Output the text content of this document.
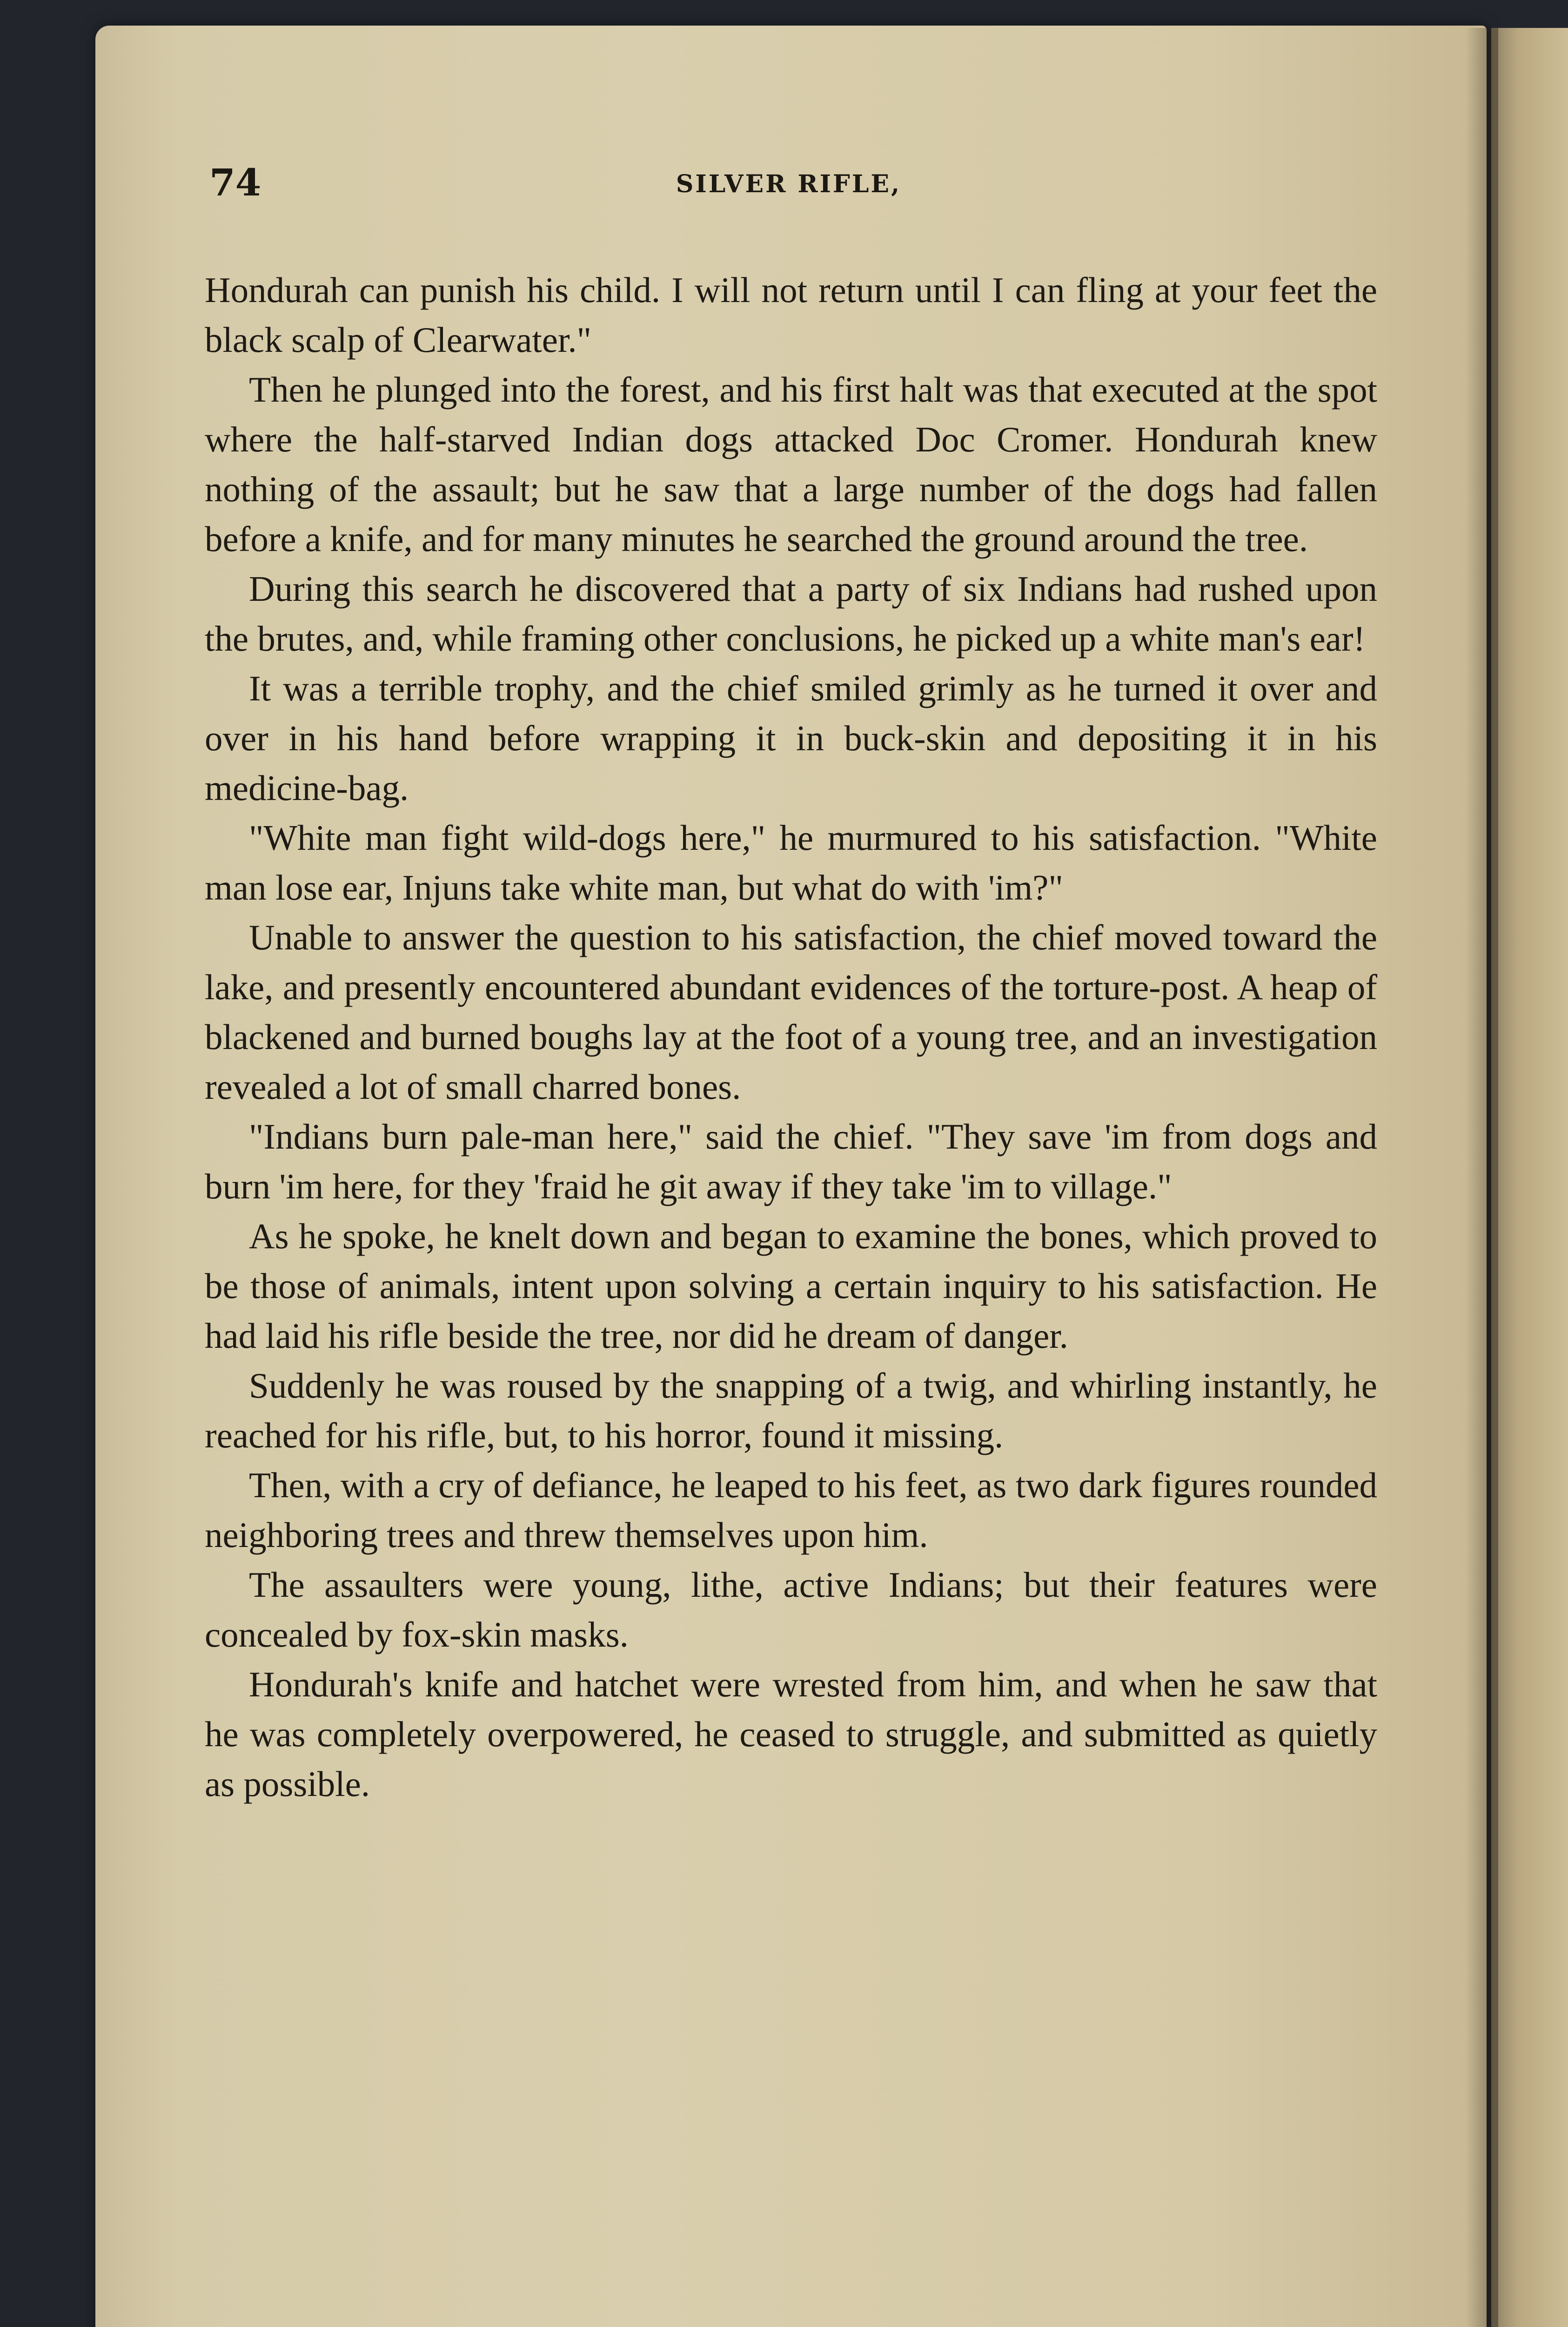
74	SILVER RIFLE,

Hondurah can punish his child. I will not return until I can fling at your feet the black scalp of Clearwater."

Then he plunged into the forest, and his first halt was that executed at the spot where the half-starved Indian dogs attacked Doc Cromer. Hondurah knew nothing of the assault; but he saw that a large number of the dogs had fallen before a knife, and for many minutes he searched the ground around the tree.

During this search he discovered that a party of six Indians had rushed upon the brutes, and, while framing other conclusions, he picked up a white man's ear!

It was a terrible trophy, and the chief smiled grimly as he turned it over and over in his hand before wrapping it in buck-skin and depositing it in his medicine-bag.

"White man fight wild-dogs here," he murmured to his satisfaction. "White man lose ear, Injuns take white man, but what do with 'im?"

Unable to answer the question to his satisfaction, the chief moved toward the lake, and presently encountered abundant evidences of the torture-post. A heap of blackened and burned boughs lay at the foot of a young tree, and an investigation revealed a lot of small charred bones.

"Indians burn pale-man here," said the chief. "They save 'im from dogs and burn 'im here, for they 'fraid he git away if they take 'im to village."

As he spoke, he knelt down and began to examine the bones, which proved to be those of animals, intent upon solving a certain inquiry to his satisfaction. He had laid his rifle beside the tree, nor did he dream of danger.

Suddenly he was roused by the snapping of a twig, and whirling instantly, he reached for his rifle, but, to his horror, found it missing.

Then, with a cry of defiance, he leaped to his feet, as two dark figures rounded neighboring trees and threw themselves upon him.

The assaulters were young, lithe, active Indians; but their features were concealed by fox-skin masks.

Hondurah's knife and hatchet were wrested from him, and when he saw that he was completely overpowered, he ceased to struggle, and submitted as quietly as possible.
